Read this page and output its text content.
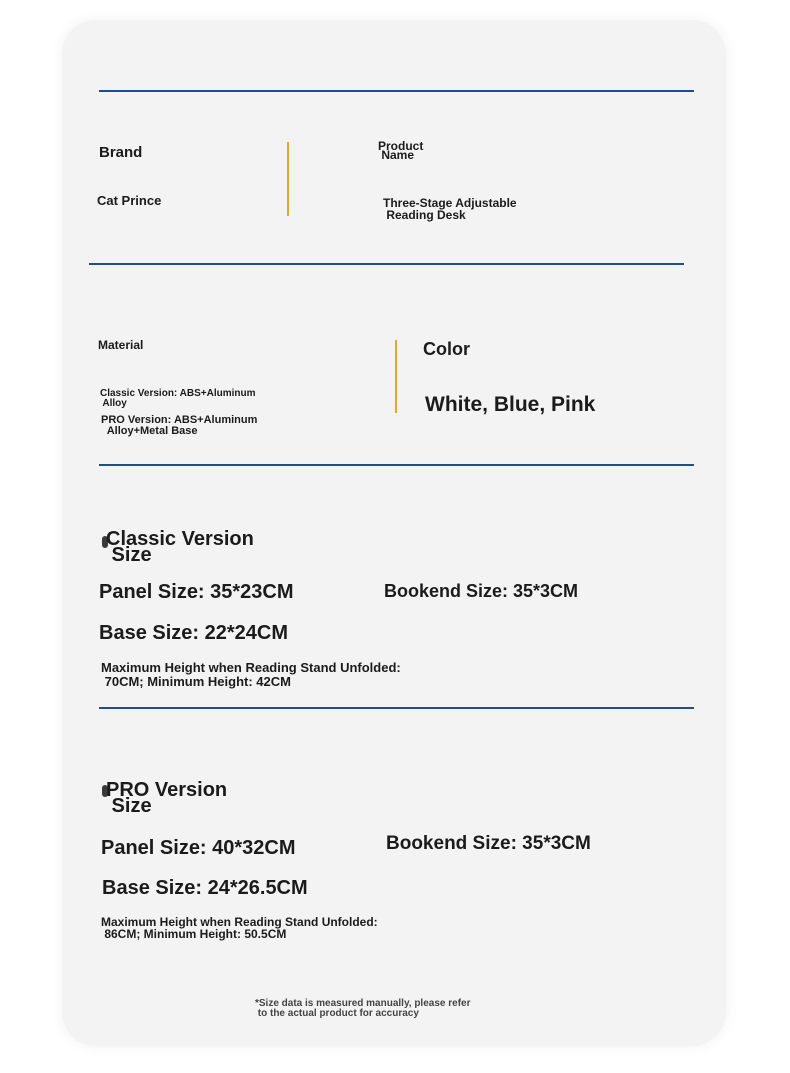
Brand

Cat Prince

Product
Name

Three-Stage Adjustable
Reading Desk

Material

Classic Version: ABS+Aluminum
Alloy

PRO Version: ABS+Aluminum
Alloy+Metal Base

Color

White, Blue, Pink

Classic Version
Size

Panel Size: 35*23CM	Bookend Size: 35*3CM

Base Size: 22*24CM

Maximum Height when Reading Stand Unfolded:
70CM; Minimum Height: 42CM

PRO Version
Size

Panel Size: 40*32CM	Bookend Size: 35*3CM

Base Size: 24*26.5CM

Maximum Height when Reading Stand Unfolded:
86CM; Minimum Height: 50.5CM

*Size data is measured manually, please refer
to the actual product for accuracy
